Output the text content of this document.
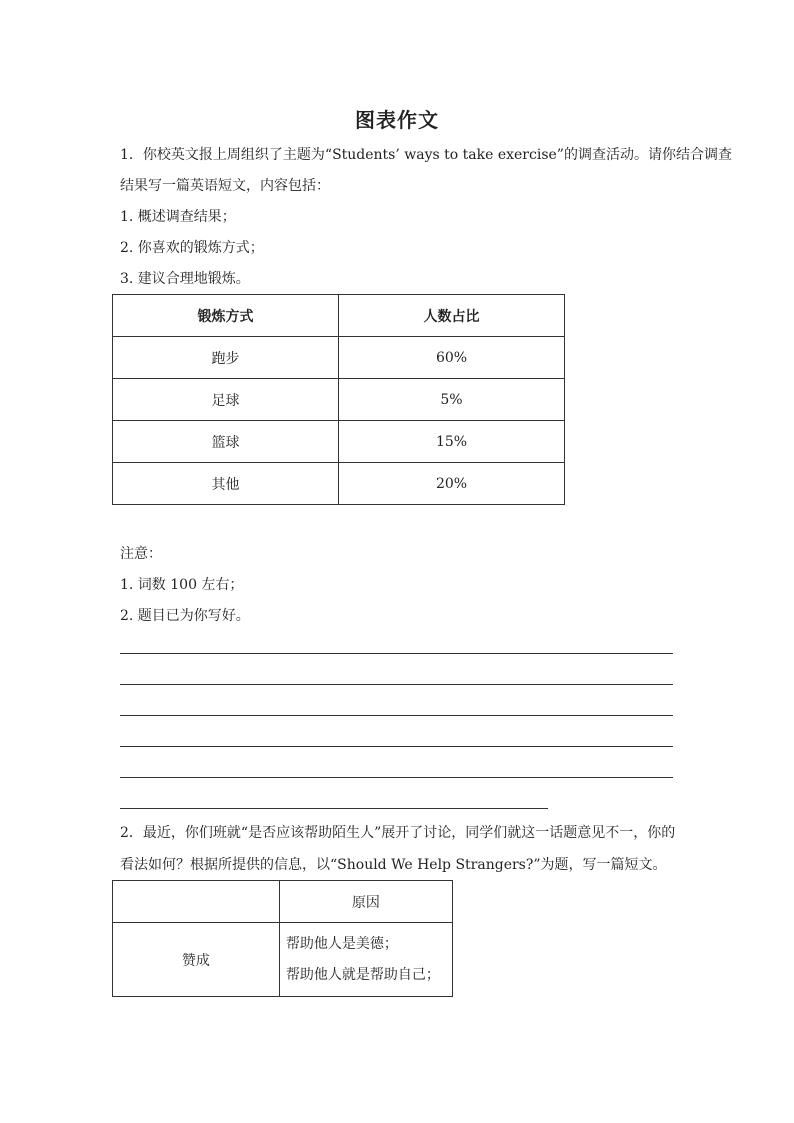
图表作文
1．你校英文报上周组织了主题为“Students’ ways to take exercise”的调查活动。请你结合调查
结果写一篇英语短文，内容包括：
1. 概述调查结果；
2. 你喜欢的锻炼方式；
3. 建议合理地锻炼。
锻炼方式	人数占比
跑步	60%
足球	5%
篮球	15%
其他	20%
注意：
1. 词数 100 左右；
2. 题目已为你写好。
2．最近，你们班就“是否应该帮助陌生人”展开了讨论，同学们就这一话题意见不一，你的
看法如何？根据所提供的信息，以“Should We Help Strangers?”为题，写一篇短文。
	原因
赞成	帮助他人是美德；
帮助他人就是帮助自己；
